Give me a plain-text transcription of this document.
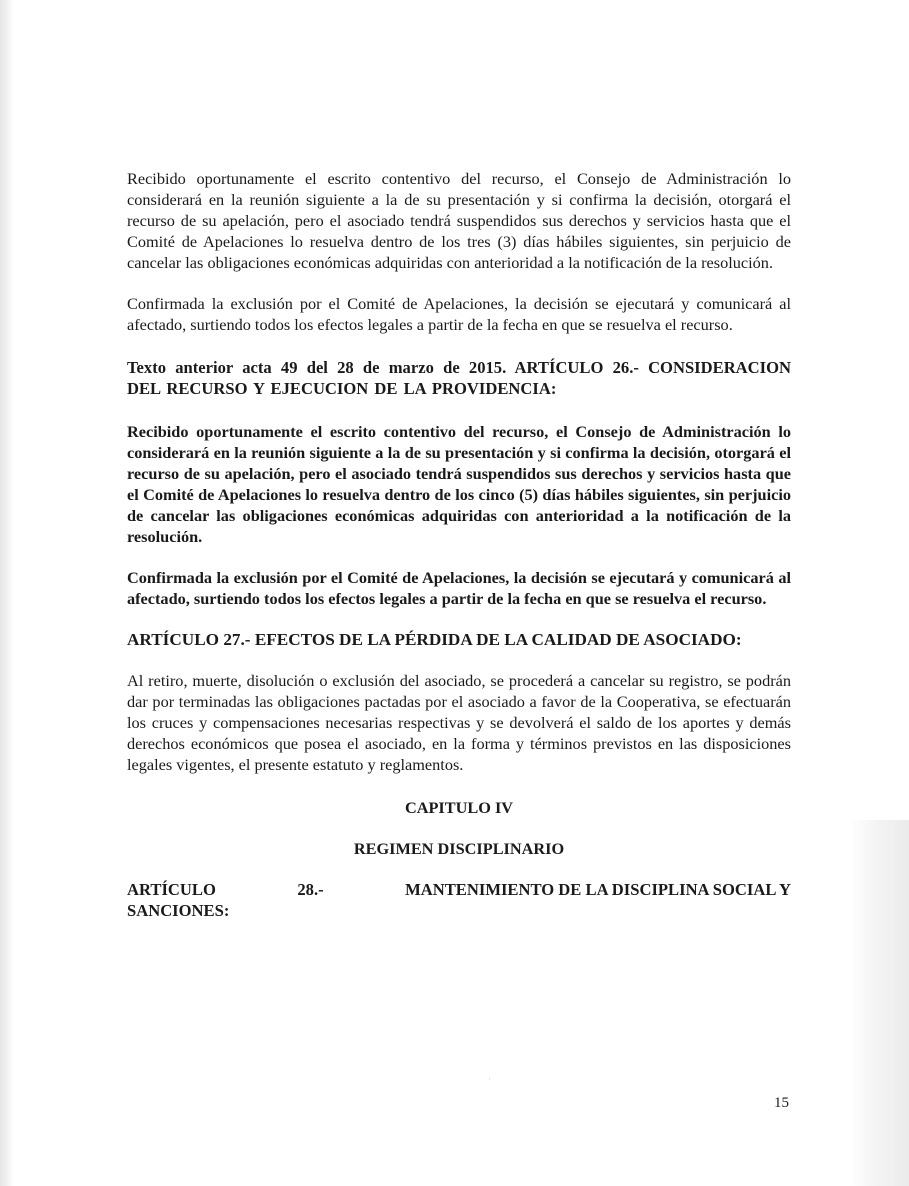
Recibido oportunamente el escrito contentivo del recurso, el Consejo de Administración lo considerará en la reunión siguiente a la de su presentación y si confirma la decisión, otorgará el recurso de su apelación, pero el asociado tendrá suspendidos sus derechos y servicios hasta que el Comité de Apelaciones lo resuelva dentro de los tres (3) días hábiles siguientes, sin perjuicio de cancelar las obligaciones económicas adquiridas con anterioridad a la notificación de la resolución.

Confirmada la exclusión por el Comité de Apelaciones, la decisión se ejecutará y comunicará al afectado, surtiendo todos los efectos legales a partir de la fecha en que se resuelva el recurso.

Texto anterior acta 49 del 28 de marzo de 2015. ARTÍCULO 26.- CONSIDERACION DEL RECURSO Y EJECUCION DE LA PROVIDENCIA:

Recibido oportunamente el escrito contentivo del recurso, el Consejo de Administración lo considerará en la reunión siguiente a la de su presentación y si confirma la decisión, otorgará el recurso de su apelación, pero el asociado tendrá suspendidos sus derechos y servicios hasta que el Comité de Apelaciones lo resuelva dentro de los cinco (5) días hábiles siguientes, sin perjuicio de cancelar las obligaciones económicas adquiridas con anterioridad a la notificación de la resolución.

Confirmada la exclusión por el Comité de Apelaciones, la decisión se ejecutará y comunicará al afectado, surtiendo todos los efectos legales a partir de la fecha en que se resuelva el recurso.

ARTÍCULO 27.- EFECTOS DE LA PÉRDIDA DE LA CALIDAD DE ASOCIADO:

Al retiro, muerte, disolución o exclusión del asociado, se procederá a cancelar su registro, se podrán dar por terminadas las obligaciones pactadas por el asociado a favor de la Cooperativa, se efectuarán los cruces y compensaciones necesarias respectivas y se devolverá el saldo de los aportes y demás derechos económicos que posea el asociado, en la forma y términos previstos en las disposiciones legales vigentes, el presente estatuto y reglamentos.

CAPITULO IV

REGIMEN DISCIPLINARIO

ARTÍCULO	28.-	MANTENIMIENTO DE LA DISCIPLINA SOCIAL Y

SANCIONES:

·
15
